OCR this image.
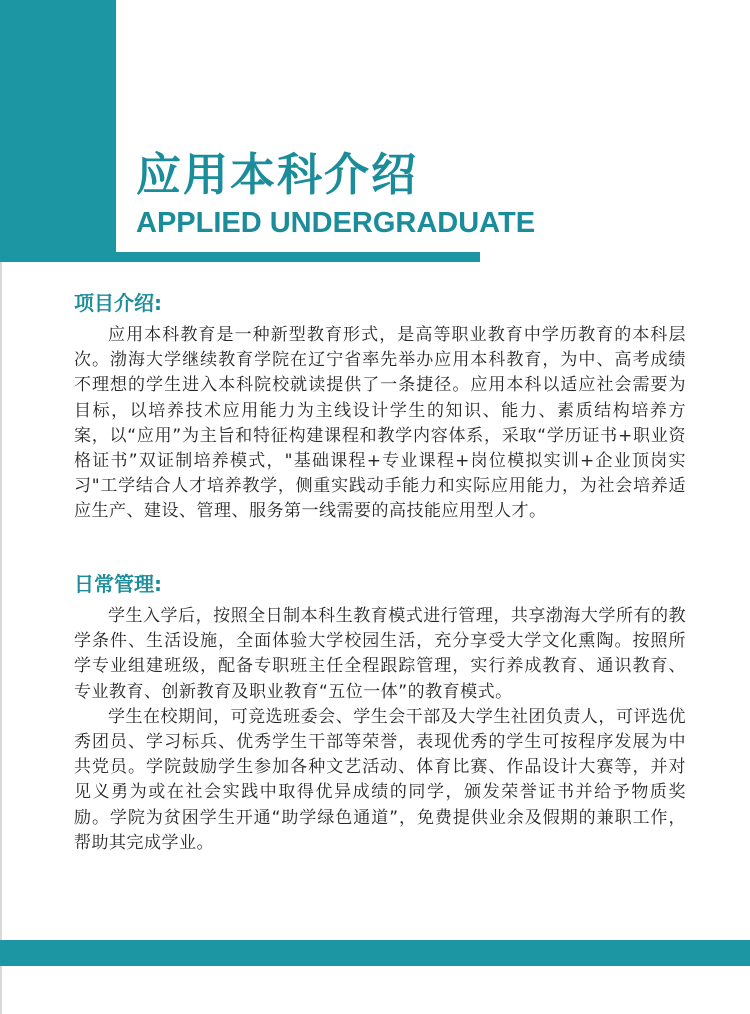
应用本科介绍
APPLIED UNDERGRADUATE
项目介绍:

应用本科教育是一种新型教育形式，是高等职业教育中学历教育的本科层次。渤海大学继续教育学院在辽宁省率先举办应用本科教育，为中、高考成绩不理想的学生进入本科院校就读提供了一条捷径。应用本科以适应社会需要为目标，以培养技术应用能力为主线设计学生的知识、能力、素质结构培养方案，以“应用”为主旨和特征构建课程和教学内容体系，采取“学历证书+职业资格证书”双证制培养模式，"基础课程+专业课程+岗位模拟实训+企业顶岗实习"工学结合人才培养教学，侧重实践动手能力和实际应用能力，为社会培养适应生产、建设、管理、服务第一线需要的高技能应用型人才。

日常管理:

学生入学后，按照全日制本科生教育模式进行管理，共享渤海大学所有的教学条件、生活设施，全面体验大学校园生活，充分享受大学文化熏陶。按照所学专业组建班级，配备专职班主任全程跟踪管理，实行养成教育、通识教育、专业教育、创新教育及职业教育“五位一体”的教育模式。

学生在校期间，可竞选班委会、学生会干部及大学生社团负责人，可评选优秀团员、学习标兵、优秀学生干部等荣誉，表现优秀的学生可按程序发展为中共党员。学院鼓励学生参加各种文艺活动、体育比赛、作品设计大赛等，并对见义勇为或在社会实践中取得优异成绩的同学，颁发荣誉证书并给予物质奖励。学院为贫困学生开通“助学绿色通道”，免费提供业余及假期的兼职工作，帮助其完成学业。
